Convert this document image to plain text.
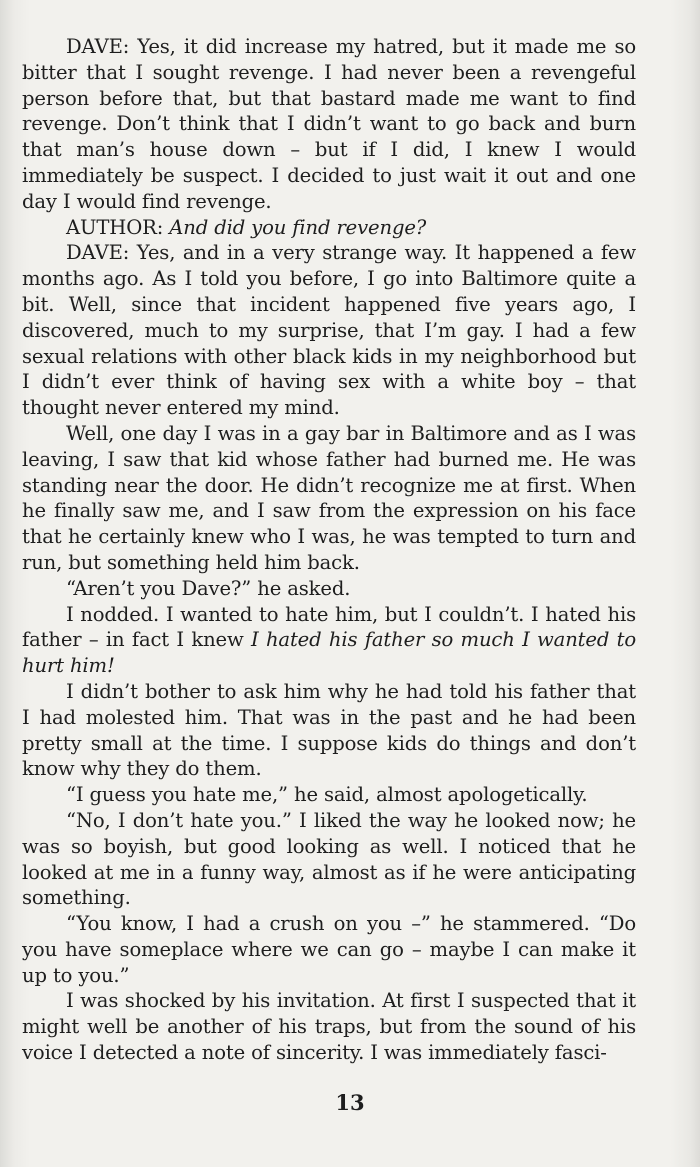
DAVE: Yes, it did increase my hatred, but it made me so bitter that I sought revenge. I had never been a revengeful person before that, but that bastard made me want to find revenge. Don’t think that I didn’t want to go back and burn that man’s house down – but if I did, I knew I would immediately be suspect. I decided to just wait it out and one day I would find revenge.

AUTHOR: And did you find revenge?

DAVE: Yes, and in a very strange way. It happened a few months ago. As I told you before, I go into Baltimore quite a bit. Well, since that incident happened five years ago, I discovered, much to my surprise, that I’m gay. I had a few sexual relations with other black kids in my neighborhood but I didn’t ever think of having sex with a white boy – that thought never entered my mind.

Well, one day I was in a gay bar in Baltimore and as I was leaving, I saw that kid whose father had burned me. He was standing near the door. He didn’t recognize me at first. When he finally saw me, and I saw from the expression on his face that he certainly knew who I was, he was tempted to turn and run, but something held him back.

“Aren’t you Dave?” he asked.

I nodded. I wanted to hate him, but I couldn’t. I hated his father – in fact I knew I hated his father so much I wanted to hurt him!

I didn’t bother to ask him why he had told his father that I had molested him. That was in the past and he had been pretty small at the time. I suppose kids do things and don’t know why they do them.

“I guess you hate me,” he said, almost apologetically.

“No, I don’t hate you.” I liked the way he looked now; he was so boyish, but good looking as well. I noticed that he looked at me in a funny way, almost as if he were anticipating something.

“You know, I had a crush on you –” he stammered. “Do you have someplace where we can go – maybe I can make it up to you.”

I was shocked by his invitation. At first I suspected that it might well be another of his traps, but from the sound of his voice I detected a note of sincerity. I was immediately fasci-

13
